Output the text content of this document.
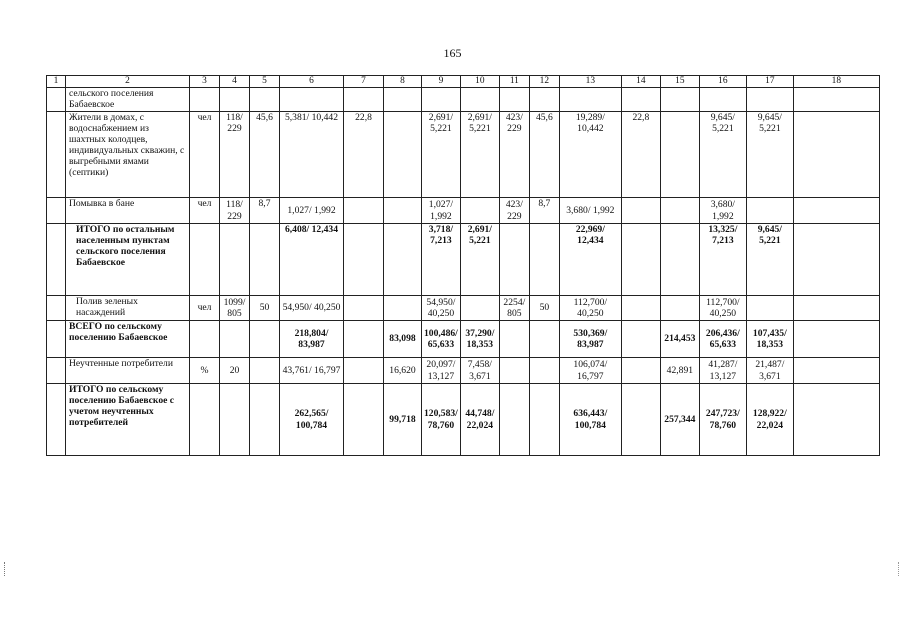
165
1	2	3	4	5	6	7	8	9	10	11	12	13	14	15	16	17	18
	сельского поселения Бабаевское																
	Жители в домах, с водоснабжением из шахтных колодцев, индивидуальных скважин, с выгребными ямами (септики)	чел	118/ 229	45,6	5,381/ 10,442	22,8		2,691/ 5,221	2,691/ 5,221	423/ 229	45,6	19,289/ 10,442	22,8		9,645/ 5,221	9,645/ 5,221	
	Помывка в бане	чел	118/ 229	8,7	1,027/ 1,992			1,027/ 1,992		423/ 229	8,7	3,680/ 1,992			3,680/ 1,992		
	ИТОГО по остальным населенным пунктам сельского поселения Бабаевское				6,408/ 12,434			3,718/ 7,213	2,691/ 5,221			22,969/ 12,434			13,325/ 7,213	9,645/ 5,221	
	Полив зеленых насаждений	чел	1099/ 805	50	54,950/ 40,250			54,950/ 40,250		2254/ 805	50	112,700/ 40,250			112,700/ 40,250		
	ВСЕГО по сельскому поселению Бабаевское				218,804/ 83,987		83,098	100,486/ 65,633	37,290/ 18,353			530,369/ 83,987		214,453	206,436/ 65,633	107,435/ 18,353	
	Неучтенные потребители	%	20		43,761/ 16,797		16,620	20,097/ 13,127	7,458/ 3,671			106,074/ 16,797		42,891	41,287/ 13,127	21,487/ 3,671	
	ИТОГО по сельскому поселению Бабаевское с учетом неучтенных потребителей				262,565/ 100,784		99,718	120,583/ 78,760	44,748/ 22,024			636,443/ 100,784		257,344	247,723/ 78,760	128,922/ 22,024	
